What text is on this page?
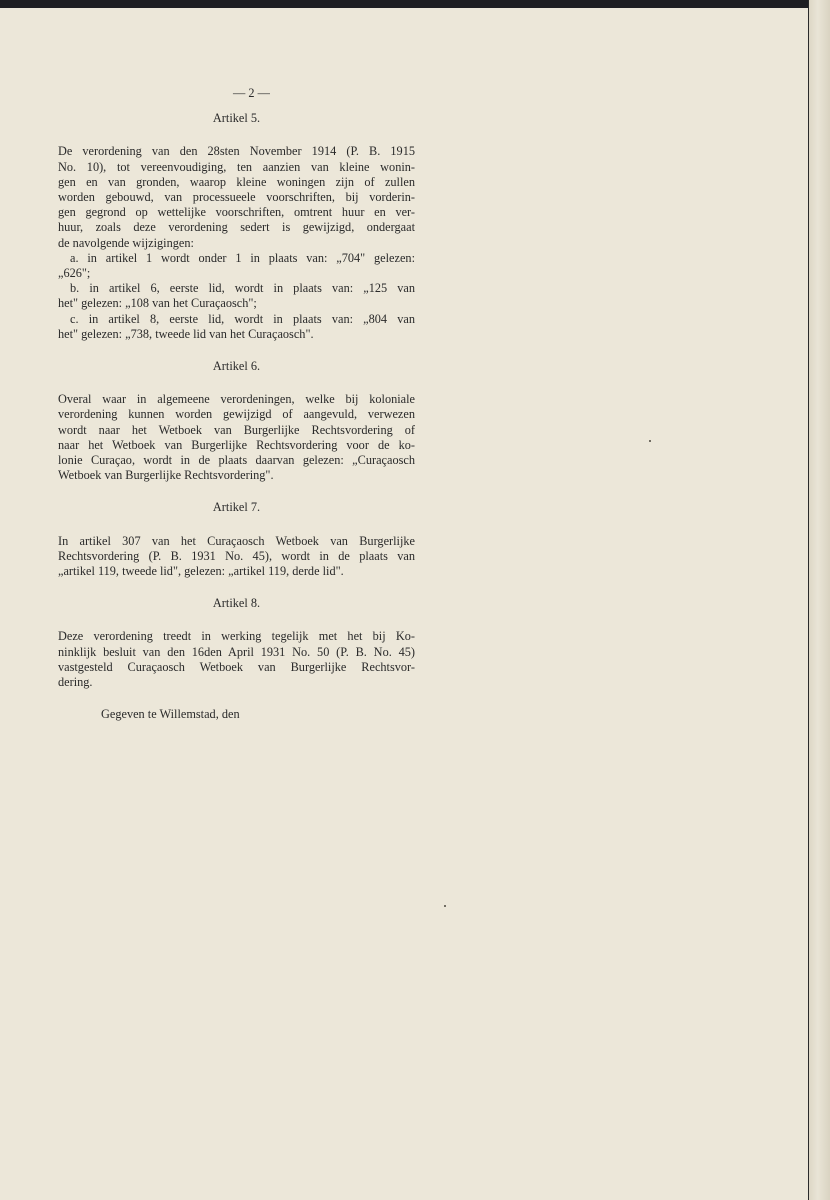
⠀
— 2 —
Artikel 5.
De verordening van den 28sten November 1914 (P. B. 1915
No. 10), tot vereenvoudiging, ten aanzien van kleine wonin-
gen en van gronden, waarop kleine woningen zijn of zullen
worden gebouwd, van processueele voorschriften, bij vorderin-
gen gegrond op wettelijke voorschriften, omtrent huur en ver-
huur, zoals deze verordening sedert is gewijzigd, ondergaat
de navolgende wijzigingen:
a. in artikel 1 wordt onder 1 in plaats van: „704" gelezen:
„626";
b. in artikel 6, eerste lid, wordt in plaats van: „125 van
het" gelezen: „108 van het Curaçaosch";
c. in artikel 8, eerste lid, wordt in plaats van: „804 van
het" gelezen: „738, tweede lid van het Curaçaosch".
Artikel 6.
Overal waar in algemeene verordeningen, welke bij koloniale
verordening kunnen worden gewijzigd of aangevuld, verwezen
wordt naar het Wetboek van Burgerlijke Rechtsvordering of
naar het Wetboek van Burgerlijke Rechtsvordering voor de ko-
lonie Curaçao, wordt in de plaats daarvan gelezen: „Curaçaosch
Wetboek van Burgerlijke Rechtsvordering".
Artikel 7.
In artikel 307 van het Curaçaosch Wetboek van Burgerlijke
Rechtsvordering (P. B. 1931 No. 45), wordt in de plaats van
„artikel 119, tweede lid", gelezen: „artikel 119, derde lid".
Artikel 8.
Deze verordening treedt in werking tegelijk met het bij Ko-
ninklijk besluit van den 16den April 1931 No. 50 (P. B. No. 45)
vastgesteld Curaçaosch Wetboek van Burgerlijke Rechtsvor-
dering.
Gegeven te Willemstad, den
